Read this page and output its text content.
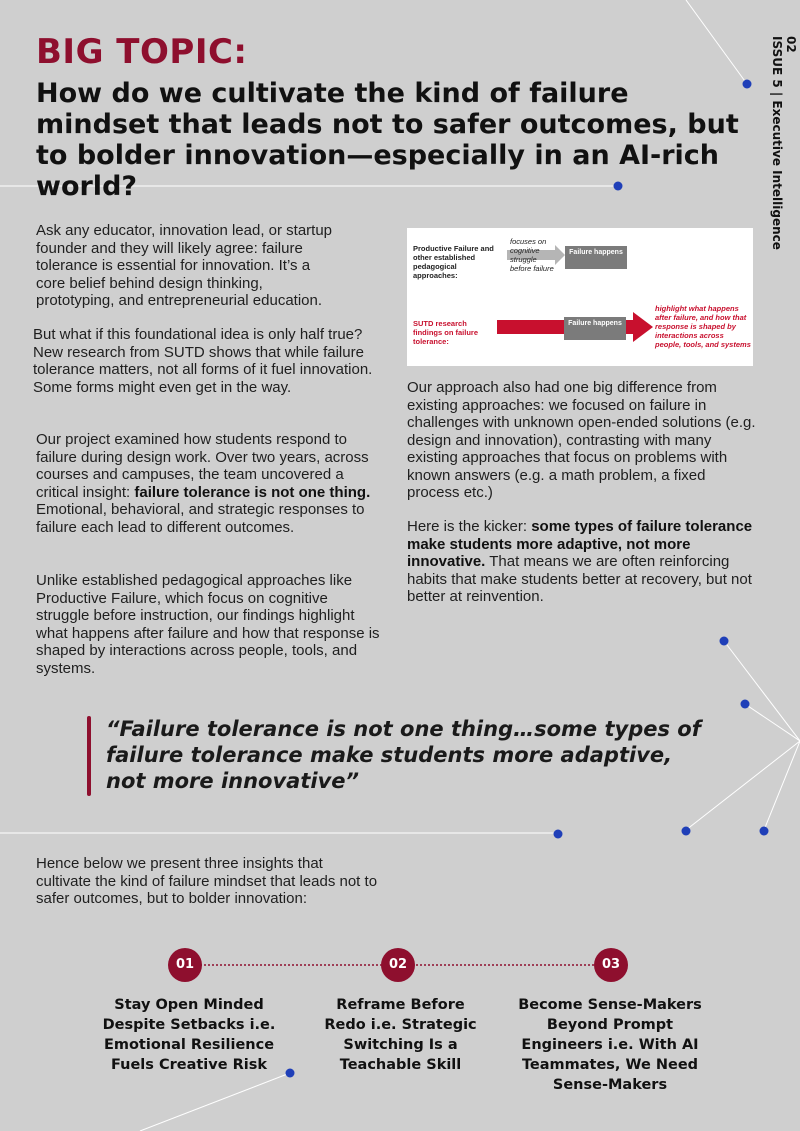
BIG TOPIC:
How do we cultivate the kind of failure mindset that leads not to safer outcomes, but to bolder innovation—especially in an AI-rich world?
02
ISSUE 5 | Executive Intelligence
Ask any educator, innovation lead, or startup founder and they will likely agree: failure tolerance is essential for innovation. It’s a core belief behind design thinking, prototyping, and entrepreneurial education.
But what if this foundational idea is only half true? New research from SUTD shows that while failure tolerance matters, not all forms of it fuel innovation. Some forms might even get in the way.
Our project examined how students respond to failure during design work. Over two years, across courses and campuses, the team uncovered a critical insight: failure tolerance is not one thing. Emotional, behavioral, and strategic responses to failure each lead to different outcomes.
Unlike established pedagogical approaches like Productive Failure, which focus on cognitive struggle before instruction, our findings highlight what happens after failure and how that response is shaped by interactions across people, tools, and systems.
Productive Failure and other established pedagogical approaches:
focuses on cognitive struggle before failure
Failure happens
SUTD research findings on failure tolerance:
Failure happens
highlight what happens after failure, and how that response is shaped by interactions across people, tools, and systems
Our approach also had one big difference from existing approaches: we focused on failure in challenges with unknown open-ended solutions (e.g. design and innovation), contrasting with many existing approaches that focus on problems with known answers (e.g. a math problem, a fixed process etc.)
Here is the kicker: some types of failure tolerance make students more adaptive, not more innovative. That means we are often reinforcing habits that make students better at recovery, but not better at reinvention.
“Failure tolerance is not one thing…some types of failure tolerance make students more adaptive, not more innovative”
Hence below we present three insights that cultivate the kind of failure mindset that leads not to safer outcomes, but to bolder innovation:
01	02	03
Stay Open Minded Despite Setbacks i.e. Emotional Resilience Fuels Creative Risk
Reframe Before Redo i.e. Strategic Switching Is a Teachable Skill
Become Sense-Makers Beyond Prompt Engineers i.e. With AI Teammates, We Need Sense-Makers
